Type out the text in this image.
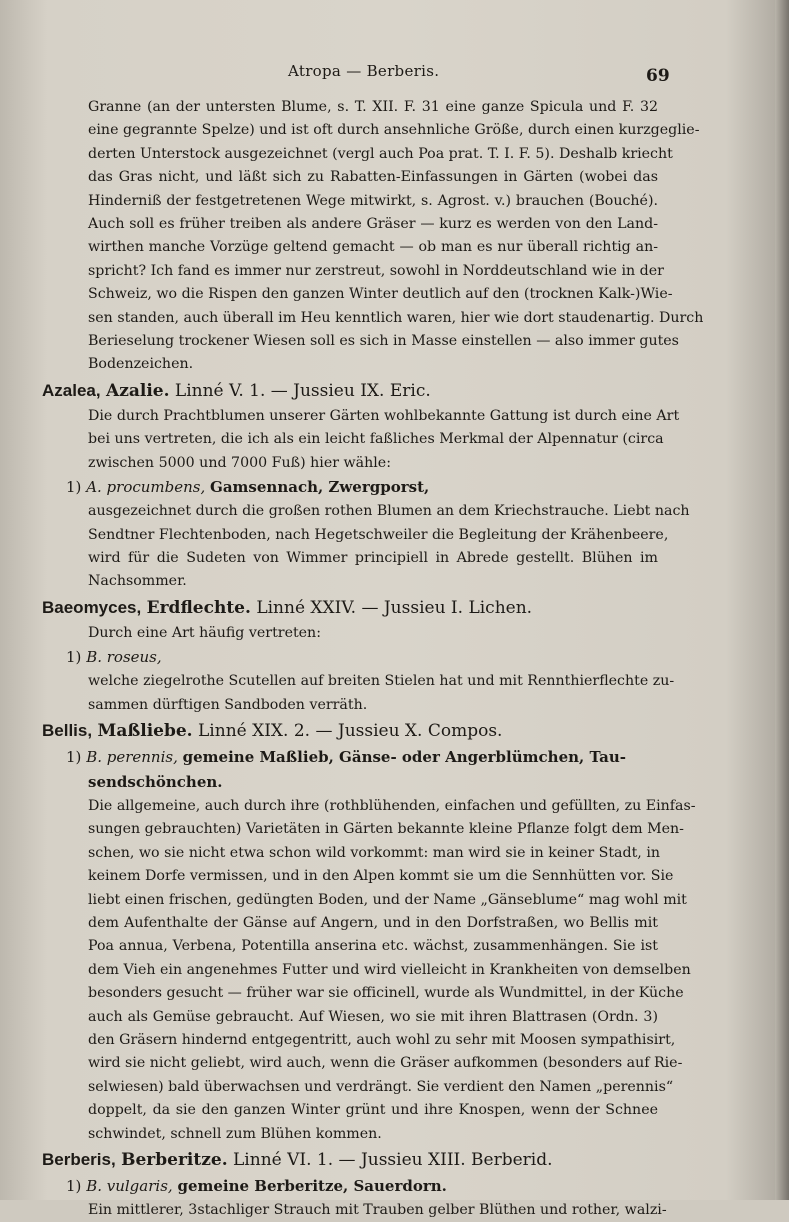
Atropa — Berberis.	69
Granne (an der untersten Blume, s. T. XII. F. 31 eine ganze Spicula und F. 32
eine gegrannte Spelze) und ist oft durch ansehnliche Größe, durch einen kurzgeglie-
derten Unterstock ausgezeichnet (vergl auch Poa prat. T. I. F. 5). Deshalb kriecht
das Gras nicht, und läßt sich zu Rabatten-Einfassungen in Gärten (wobei das
Hinderniß der festgetretenen Wege mitwirkt, s. Agrost. v.) brauchen (Bouché).
Auch soll es früher treiben als andere Gräser — kurz es werden von den Land-
wirthen manche Vorzüge geltend gemacht — ob man es nur überall richtig an-
spricht? Ich fand es immer nur zerstreut, sowohl in Norddeutschland wie in der
Schweiz, wo die Rispen den ganzen Winter deutlich auf den (trocknen Kalk-)Wie-
sen standen, auch überall im Heu kenntlich waren, hier wie dort staudenartig. Durch
Berieselung trockener Wiesen soll es sich in Masse einstellen — also immer gutes
Bodenzeichen.
Azalea, Azalie. Linné V. 1. — Jussieu IX. Eric.
Die durch Prachtblumen unserer Gärten wohlbekannte Gattung ist durch eine Art
bei uns vertreten, die ich als ein leicht faßliches Merkmal der Alpennatur (circa
zwischen 5000 und 7000 Fuß) hier wähle:
1) A. procumbens, Gamsennach, Zwergporst,
ausgezeichnet durch die großen rothen Blumen an dem Kriechstrauche. Liebt nach
Sendtner Flechtenboden, nach Hegetschweiler die Begleitung der Krähenbeere,
wird für die Sudeten von Wimmer principiell in Abrede gestellt. Blühen im
Nachsommer.
Baeomyces, Erdflechte. Linné XXIV. — Jussieu I. Lichen.
Durch eine Art häufig vertreten:
1) B. roseus,
welche ziegelrothe Scutellen auf breiten Stielen hat und mit Rennthierflechte zu-
sammen dürftigen Sandboden verräth.
Bellis, Maßliebe. Linné XIX. 2. — Jussieu X. Compos.
1) B. perennis, gemeine Maßlieb, Gänse- oder Angerblümchen, Tau-
sendschönchen.
Die allgemeine, auch durch ihre (rothblühenden, einfachen und gefüllten, zu Einfas-
sungen gebrauchten) Varietäten in Gärten bekannte kleine Pflanze folgt dem Men-
schen, wo sie nicht etwa schon wild vorkommt: man wird sie in keiner Stadt, in
keinem Dorfe vermissen, und in den Alpen kommt sie um die Sennhütten vor. Sie
liebt einen frischen, gedüngten Boden, und der Name „Gänseblume“ mag wohl mit
dem Aufenthalte der Gänse auf Angern, und in den Dorfstraßen, wo Bellis mit
Poa annua, Verbena, Potentilla anserina etc. wächst, zusammenhängen. Sie ist
dem Vieh ein angenehmes Futter und wird vielleicht in Krankheiten von demselben
besonders gesucht — früher war sie officinell, wurde als Wundmittel, in der Küche
auch als Gemüse gebraucht. Auf Wiesen, wo sie mit ihren Blattrasen (Ordn. 3)
den Gräsern hindernd entgegentritt, auch wohl zu sehr mit Moosen sympathisirt,
wird sie nicht geliebt, wird auch, wenn die Gräser aufkommen (besonders auf Rie-
selwiesen) bald überwachsen und verdrängt. Sie verdient den Namen „perennis“
doppelt, da sie den ganzen Winter grünt und ihre Knospen, wenn der Schnee
schwindet, schnell zum Blühen kommen.
Berberis, Berberitze. Linné VI. 1. — Jussieu XIII. Berberid.
1) B. vulgaris, gemeine Berberitze, Sauerdorn.
Ein mittlerer, 3stachliger Strauch mit Trauben gelber Blüthen und rother, walzi-
